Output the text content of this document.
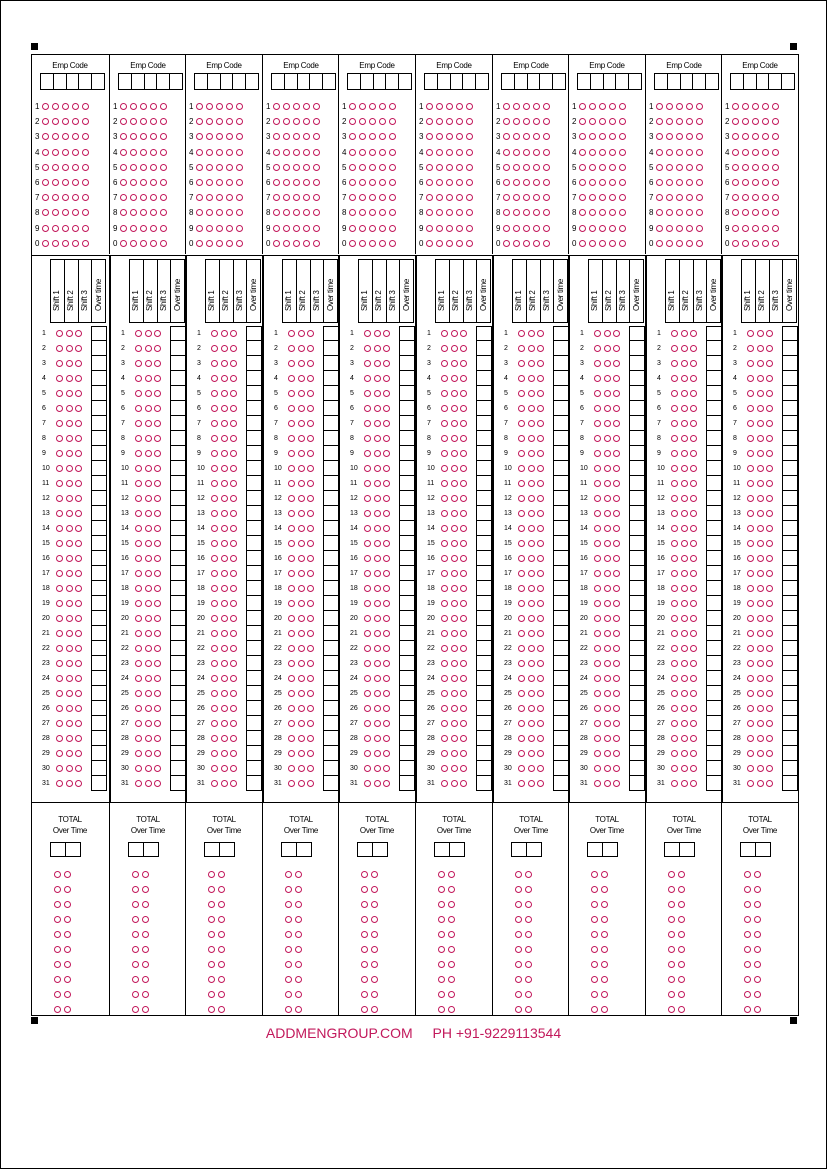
Emp Code
1
2
3
4
5
6
7
8
9
0
Emp Code
1
2
3
4
5
6
7
8
9
0
Emp Code
1
2
3
4
5
6
7
8
9
0
Emp Code
1
2
3
4
5
6
7
8
9
0
Emp Code
1
2
3
4
5
6
7
8
9
0
Emp Code
1
2
3
4
5
6
7
8
9
0
Emp Code
1
2
3
4
5
6
7
8
9
0
Emp Code
1
2
3
4
5
6
7
8
9
0
Emp Code
1
2
3
4
5
6
7
8
9
0
Emp Code
1
2
3
4
5
6
7
8
9
0
Shift 1 Shift 2 Shift 3 Over time
1
2
3
4
5
6
7
8
9
10
11
12
13
14
15
16
17
18
19
20
21
22
23
24
25
26
27
28
29
30
31
Shift 1 Shift 2 Shift 3 Over time
1
2
3
4
5
6
7
8
9
10
11
12
13
14
15
16
17
18
19
20
21
22
23
24
25
26
27
28
29
30
31
Shift 1 Shift 2 Shift 3 Over time
1
2
3
4
5
6
7
8
9
10
11
12
13
14
15
16
17
18
19
20
21
22
23
24
25
26
27
28
29
30
31
Shift 1 Shift 2 Shift 3 Over time
1
2
3
4
5
6
7
8
9
10
11
12
13
14
15
16
17
18
19
20
21
22
23
24
25
26
27
28
29
30
31
Shift 1 Shift 2 Shift 3 Over time
1
2
3
4
5
6
7
8
9
10
11
12
13
14
15
16
17
18
19
20
21
22
23
24
25
26
27
28
29
30
31
Shift 1 Shift 2 Shift 3 Over time
1
2
3
4
5
6
7
8
9
10
11
12
13
14
15
16
17
18
19
20
21
22
23
24
25
26
27
28
29
30
31
Shift 1 Shift 2 Shift 3 Over time
1
2
3
4
5
6
7
8
9
10
11
12
13
14
15
16
17
18
19
20
21
22
23
24
25
26
27
28
29
30
31
Shift 1 Shift 2 Shift 3 Over time
1
2
3
4
5
6
7
8
9
10
11
12
13
14
15
16
17
18
19
20
21
22
23
24
25
26
27
28
29
30
31
Shift 1 Shift 2 Shift 3 Over time
1
2
3
4
5
6
7
8
9
10
11
12
13
14
15
16
17
18
19
20
21
22
23
24
25
26
27
28
29
30
31
Shift 1 Shift 2 Shift 3 Over time
1
2
3
4
5
6
7
8
9
10
11
12
13
14
15
16
17
18
19
20
21
22
23
24
25
26
27
28
29
30
31
TOTAL
Over Time
TOTAL
Over Time
TOTAL
Over Time
TOTAL
Over Time
TOTAL
Over Time
TOTAL
Over Time
TOTAL
Over Time
TOTAL
Over Time
TOTAL
Over Time
TOTAL
Over Time
ADDMENGROUP.COM PH +91-9229113544
